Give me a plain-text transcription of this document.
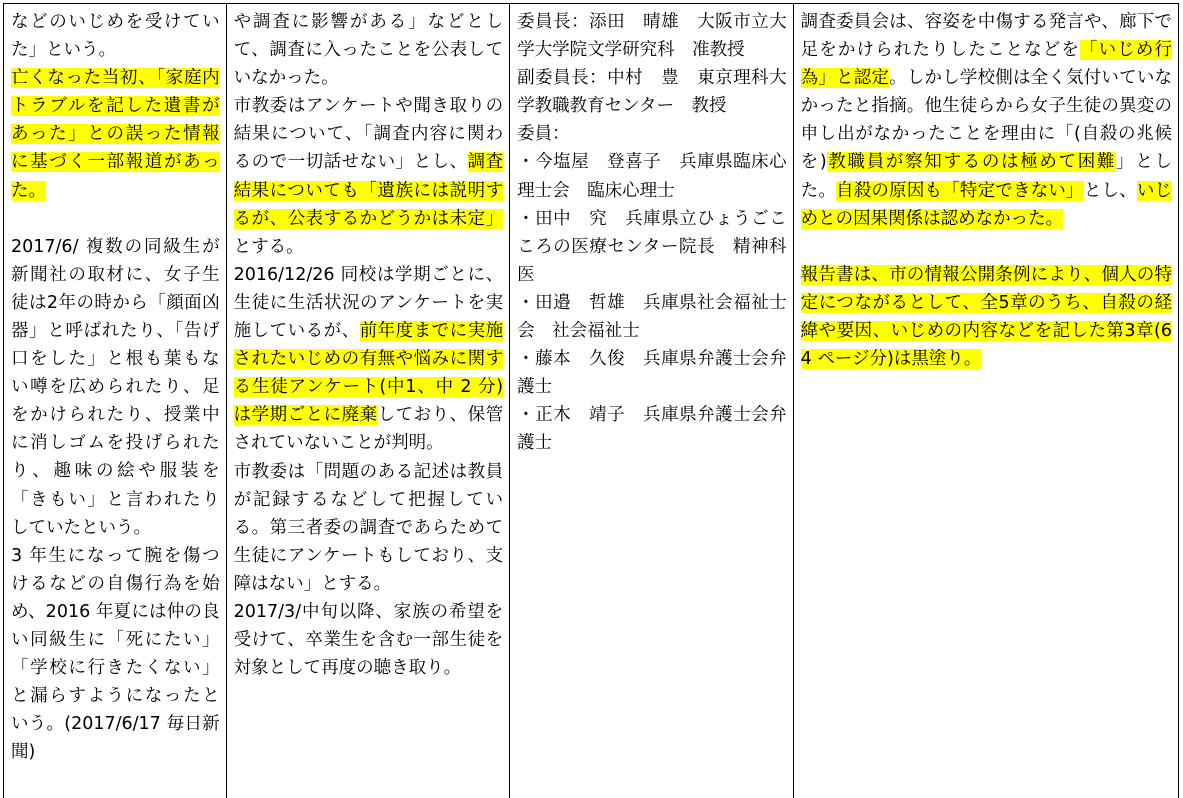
などのいじめを受けていた」という。

亡くなった当初、「家庭内トラブルを記した遺書があった」との誤った情報に基づく一部報道があった。

2017/6/ 複数の同級生が新聞社の取材に、女子生徒は2年の時から「顔面凶器」と呼ばれたり、「告げ口をした」と根も葉もない噂を広められたり、足をかけられたり、授業中に消しゴムを投げられたり、趣味の絵や服装を「きもい」と言われたりしていたという。

3 年生になって腕を傷つけるなどの自傷行為を始め、2016 年夏には仲の良い同級生に「死にたい」「学校に行きたくない」と漏らすようになったという。(2017/6/17 毎日新聞)

や調査に影響がある」などとして、調査に入ったことを公表していなかった。

市教委はアンケートや聞き取りの結果について、「調査内容に関わるので一切話せない」とし、調査結果についても「遺族には説明するが、公表するかどうかは未定」とする。

2016/12/26 同校は学期ごとに、生徒に生活状況のアンケートを実施しているが、前年度までに実施されたいじめの有無や悩みに関する生徒アンケート(中1、中 2 分)は学期ごとに廃棄しており、保管されていないことが判明。

市教委は「問題のある記述は教員が記録するなどして把握している。第三者委の調査であらためて生徒にアンケートもしており、支障はない」とする。

2017/3/中旬以降、家族の希望を受けて、卒業生を含む一部生徒を対象として再度の聴き取り。

委員長：添田　晴雄　大阪市立大学大学院文学研究科　准教授

副委員長：中村　豊　東京理科大学教職教育センター　教授

委員：

・今塩屋　登喜子　兵庫県臨床心理士会　臨床心理士

・田中　究　兵庫県立ひょうごこころの医療センター院長　精神科医

・田邉　哲雄　兵庫県社会福祉士会　社会福祉士

・藤本　久俊　兵庫県弁護士会弁護士

・正木　靖子　兵庫県弁護士会弁護士

調査委員会は、容姿を中傷する発言や、廊下で足をかけられたりしたことなどを「いじめ行為」と認定。しかし学校側は全く気付いていなかったと指摘。他生徒らから女子生徒の異変の申し出がなかったことを理由に「(自殺の兆候を)教職員が察知するのは極めて困難」とした。自殺の原因も「特定できない」とし、いじめとの因果関係は認めなかった。

報告書は、市の情報公開条例により、個人の特定につながるとして、全5章のうち、自殺の経緯や要因、いじめの内容などを記した第3章(64 ページ分)は黒塗り。
